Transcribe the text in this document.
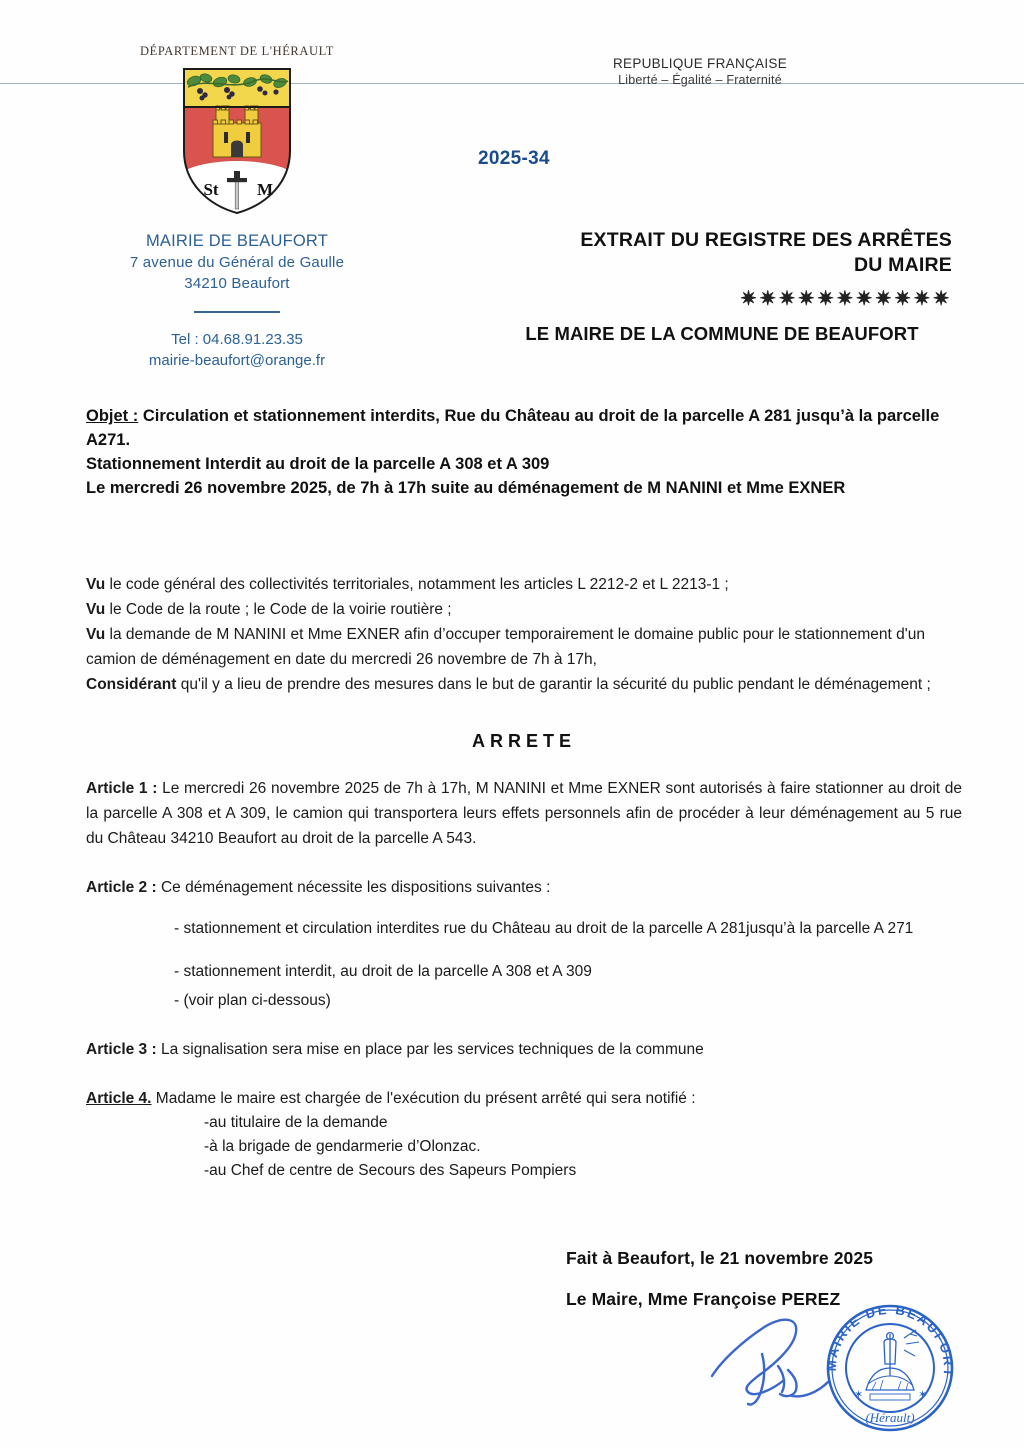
DÉPARTEMENT DE L'HÉRAULT
St M
MAIRIE DE BEAUFORT
7 avenue du Général de Gaulle
34210 Beaufort
Tel : 04.68.91.23.35
mairie-beaufort@orange.fr
REPUBLIQUE FRANÇAISE
Liberté – Égalité – Fraternité
2025-34
EXTRAIT DU REGISTRE DES ARRÊTES
DU MAIRE
✷✷✷✷✷✷✷✷✷✷✷
LE MAIRE DE LA COMMUNE DE BEAUFORT
Objet : Circulation et stationnement interdits, Rue du Château au droit de la parcelle A 281 jusqu’à la parcelle A271.
Stationnement Interdit au droit de la parcelle A 308 et A 309
Le mercredi 26 novembre 2025, de 7h à 17h suite au déménagement de M NANINI et Mme EXNER
Vu le code général des collectivités territoriales, notamment les articles L 2212-2 et L 2213-1 ;
Vu le Code de la route ; le Code de la voirie routière ;
Vu la demande de M NANINI et Mme EXNER afin d’occuper temporairement le domaine public pour le stationnement d'un camion de déménagement en date du mercredi 26 novembre de 7h à 17h,
Considérant qu'il y a lieu de prendre des mesures dans le but de garantir la sécurité du public pendant le déménagement ;
ARRETE
Article 1 : Le mercredi 26 novembre 2025 de 7h à 17h, M NANINI et Mme EXNER sont autorisés à faire stationner au droit de la parcelle A 308 et A 309, le camion qui transportera leurs effets personnels afin de procéder à leur déménagement au 5 rue du Château 34210 Beaufort au droit de la parcelle A 543.
Article 2 : Ce déménagement nécessite les dispositions suivantes :
- stationnement et circulation interdites rue du Château au droit de la parcelle A 281jusqu’à la parcelle A 271
- stationnement interdit, au droit de la parcelle A 308 et A 309
- (voir plan ci-dessous)
Article 3 : La signalisation sera mise en place par les services techniques de la commune
Article 4. Madame le maire est chargée de l'exécution du présent arrêté qui sera notifié :
-au titulaire de la demande
-à la brigade de gendarmerie d’Olonzac.
-au Chef de centre de Secours des Sapeurs Pompiers
Fait à Beaufort, le 21 novembre 2025
Le Maire, Mme Françoise PEREZ
MAIRIE DE BEAUFORT
(Hérault)
✶	✶
